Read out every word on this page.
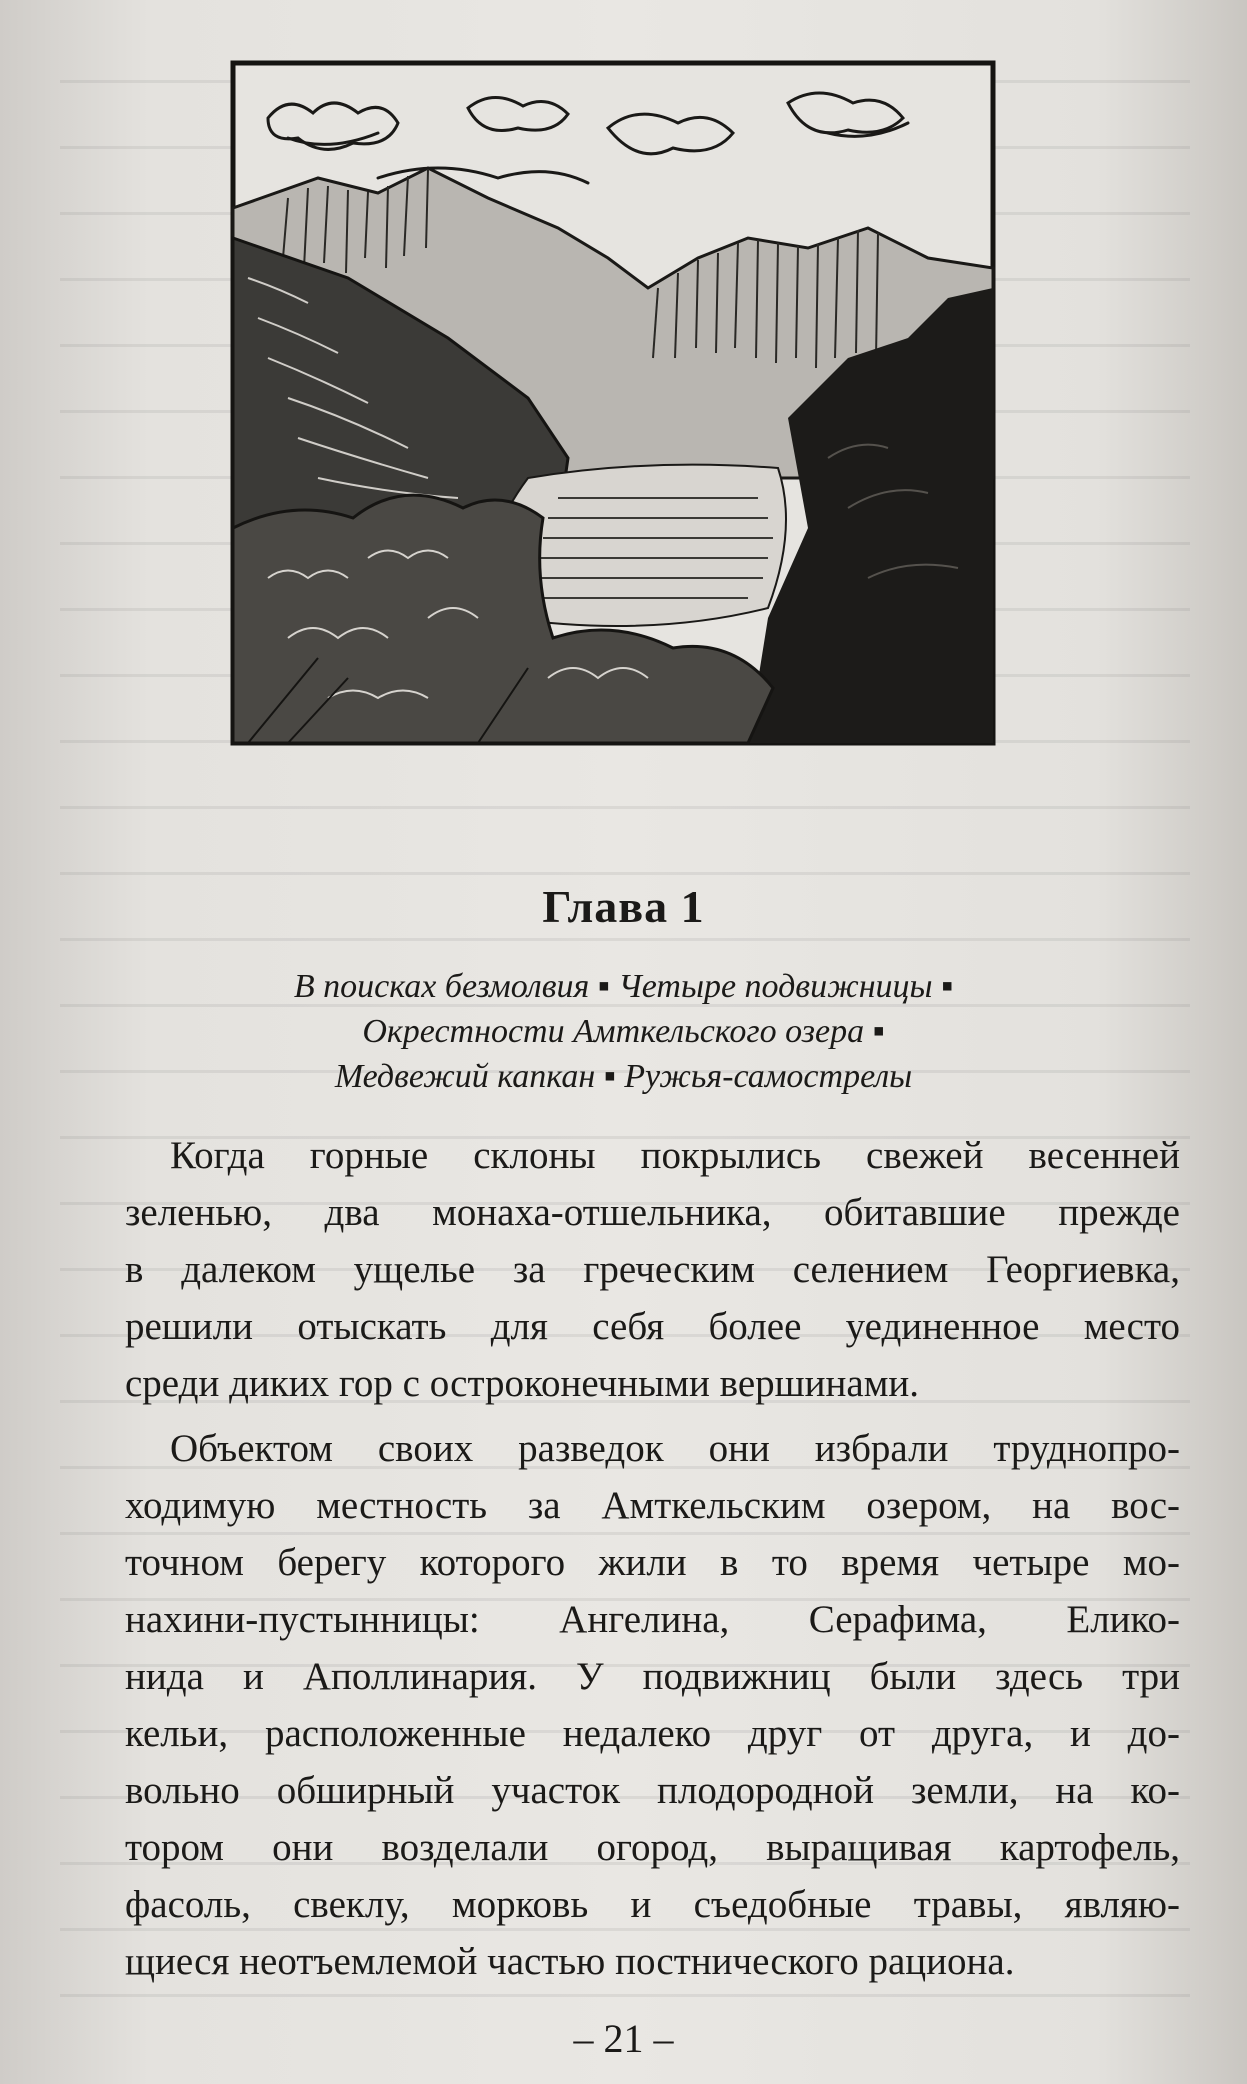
Глава 1
В поисках безмолвия ▪ Четыре подвижницы ▪
Окрестности Амткельского озера ▪
Медвежий капкан ▪ Ружья-самострелы
Когда горные склоны покрылись свежей весенней
зеленью, два монаха-отшельника, обитавшие прежде
в далеком ущелье за греческим селением Георгиевка,
решили отыскать для себя более уединенное место
среди диких гор с остроконечными вершинами.
Объектом своих разведок они избрали труднопро-
ходимую местность за Амткельским озером, на вос-
точном берегу которого жили в то время четыре мо-
нахини-пустынницы: Ангелина, Серафима, Елико-
нида и Аполлинария. У подвижниц были здесь три
кельи, расположенные недалеко друг от друга, и до-
вольно обширный участок плодородной земли, на ко-
тором они возделали огород, выращивая картофель,
фасоль, свеклу, морковь и съедобные травы, являю-
– 21 –
щиеся неотъемлемой частью постнического рациона.
